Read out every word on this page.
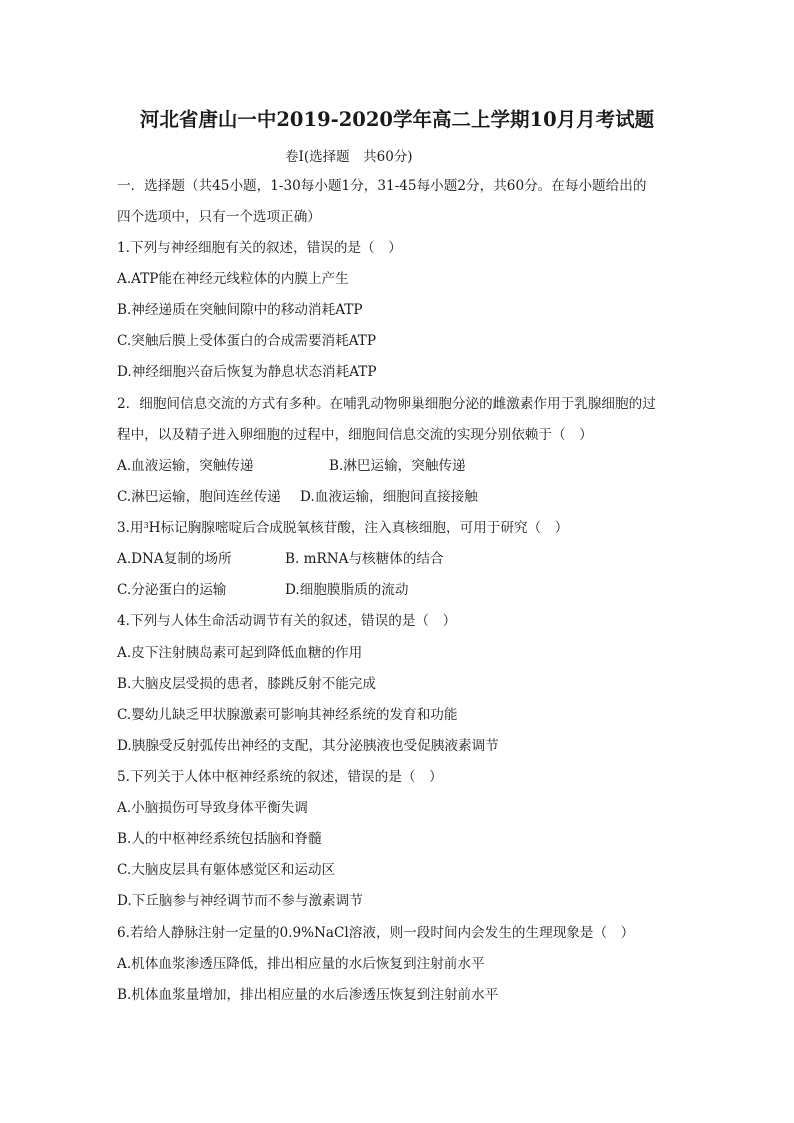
河北省唐山一中2019-2020学年高二上学期10月月考试题
卷Ⅰ(选择题　共60分)
一．选择题（共45小题，1-30每小题1分，31-45每小题2分，共60分。在每小题给出的
四个选项中，只有一个选项正确）
1.下列与神经细胞有关的叙述，错误的是（　）
A.ATP能在神经元线粒体的内膜上产生
B.神经递质在突触间隙中的移动消耗ATP
C.突触后膜上受体蛋白的合成需要消耗ATP
D.神经细胞兴奋后恢复为静息状态消耗ATP
2．细胞间信息交流的方式有多种。在哺乳动物卵巢细胞分泌的雌激素作用于乳腺细胞的过
程中，以及精子进入卵细胞的过程中，细胞间信息交流的实现分别依赖于（　）
A.血液运输，突触传递	B.淋巴运输，突触传递
C.淋巴运输，胞间连丝传递 D.血液运输，细胞间直接接触
3.用$^3$H标记胸腺嘧啶后合成脱氧核苷酸，注入真核细胞，可用于研究（　）
A.DNA复制的场所	B. mRNA与核糖体的结合
C.分泌蛋白的运输	D.细胞膜脂质的流动
4.下列与人体生命活动调节有关的叙述，错误的是（　）
A.皮下注射胰岛素可起到降低血糖的作用
B.大脑皮层受损的患者，膝跳反射不能完成
C.婴幼儿缺乏甲状腺激素可影响其神经系统的发育和功能
D.胰腺受反射弧传出神经的支配，其分泌胰液也受促胰液素调节
5.下列关于人体中枢神经系统的叙述，错误的是（　）
A.小脑损伤可导致身体平衡失调
B.人的中枢神经系统包括脑和脊髓
C.大脑皮层具有躯体感觉区和运动区
D.下丘脑参与神经调节而不参与激素调节
6.若给人静脉注射一定量的0.9%NaCl溶液，则一段时间内会发生的生理现象是（　）
A.机体血浆渗透压降低，排出相应量的水后恢复到注射前水平
B.机体血浆量增加，排出相应量的水后渗透压恢复到注射前水平
